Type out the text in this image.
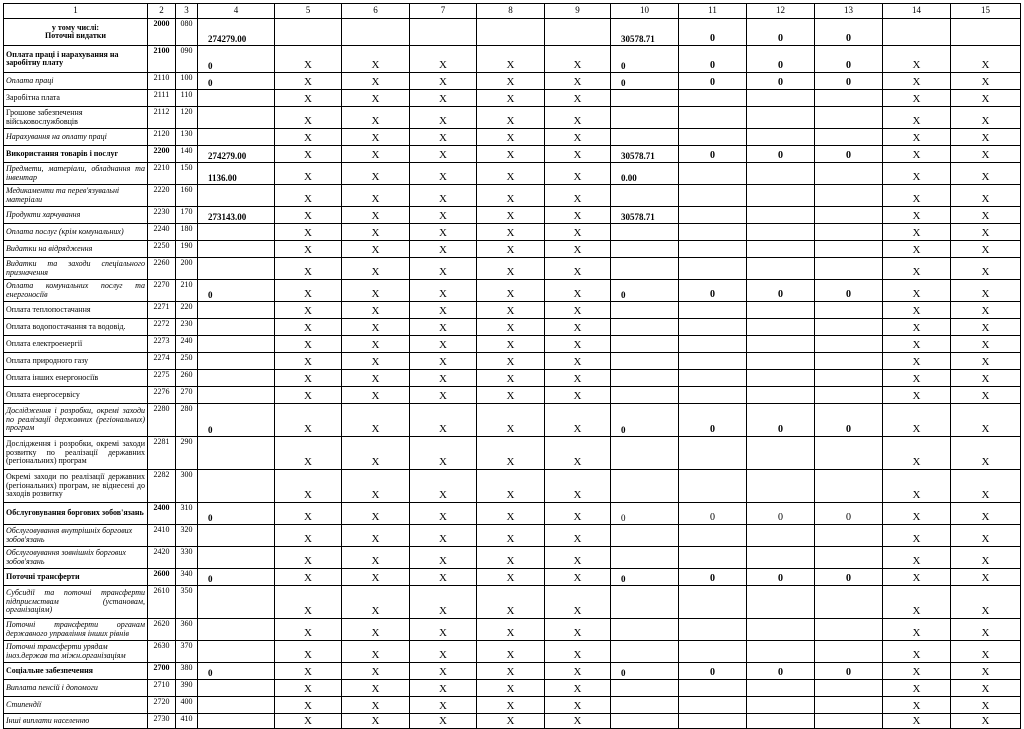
1	2	3	4	5	6	7	8	9	10	11	12	13	14	15
у тому числі:
Поточні видатки	2000	080	274279.00						30578.71	0	0	0		
Оплата праці і нарахування на заробітну плату	2100	090	0	X	X	X	X	X	0	0	0	0	X	X
Оплата праці	2110	100	0	X	X	X	X	X	0	0	0	0	X	X
Заробітна плата	2111	110		X	X	X	X	X					X	X
Грошове забезпечення військовослужбовців	2112	120		X	X	X	X	X					X	X
Нарахування на оплату праці	2120	130		X	X	X	X	X					X	X
Використання товарів і послуг	2200	140	274279.00	X	X	X	X	X	30578.71	0	0	0	X	X
Предмети, матеріали, обладнання та інвентар	2210	150	1136.00	X	X	X	X	X	0.00				X	X
Медикаменти та перев'язувальні матеріали	2220	160		X	X	X	X	X					X	X
Продукти харчування	2230	170	273143.00	X	X	X	X	X	30578.71				X	X
Оплата послуг (крім комунальних)	2240	180		X	X	X	X	X					X	X
Видатки на відрядження	2250	190		X	X	X	X	X					X	X
Видатки та заходи спеціального призначення	2260	200		X	X	X	X	X					X	X
Оплата комунальних послуг та енергоносіїв	2270	210	0	X	X	X	X	X	0	0	0	0	X	X
Оплата теплопостачання	2271	220		X	X	X	X	X					X	X
Оплата водопостачання та водовід.	2272	230		X	X	X	X	X					X	X
Оплата електроенергії	2273	240		X	X	X	X	X					X	X
Оплата природного газу	2274	250		X	X	X	X	X					X	X
Оплата інших енергоносіїв	2275	260		X	X	X	X	X					X	X
Оплата енергосервісу	2276	270		X	X	X	X	X					X	X
Дослідження і розробки, окремі заходи по реалізації державних (регіональних) програм	2280	280	0	X	X	X	X	X	0	0	0	0	X	X
Дослідження і розробки, окремі заходи розвитку по реалізації державних (регіональних) програм	2281	290		X	X	X	X	X					X	X
Окремі заходи по реалізації державних (регіональних) програм, не віднесені до заходів розвитку	2282	300		X	X	X	X	X					X	X
Обслуговування боргових зобов'язань	2400	310	0	X	X	X	X	X	0	0	0	0	X	X
Обслуговування внутрішніх боргових зобов'язань	2410	320		X	X	X	X	X					X	X
Обслуговування зовнішніх боргових зобов'язань	2420	330		X	X	X	X	X					X	X
Поточні трансферти	2600	340	0	X	X	X	X	X	0	0	0	0	X	X
Субсидії та поточні трансферти підприємствам (установам, організаціям)	2610	350		X	X	X	X	X					X	X
Поточні трансферти органам державного управління інших рівнів	2620	360		X	X	X	X	X					X	X
Поточні трансферти урядам іноз.держав та міжн.організаціям	2630	370		X	X	X	X	X					X	X
Соціальне забезпечення	2700	380	0	X	X	X	X	X	0	0	0	0	X	X
Виплата пенсій і допомоги	2710	390		X	X	X	X	X					X	X
Стипендії	2720	400		X	X	X	X	X					X	X
Інші виплати населенню	2730	410		X	X	X	X	X					X	X
